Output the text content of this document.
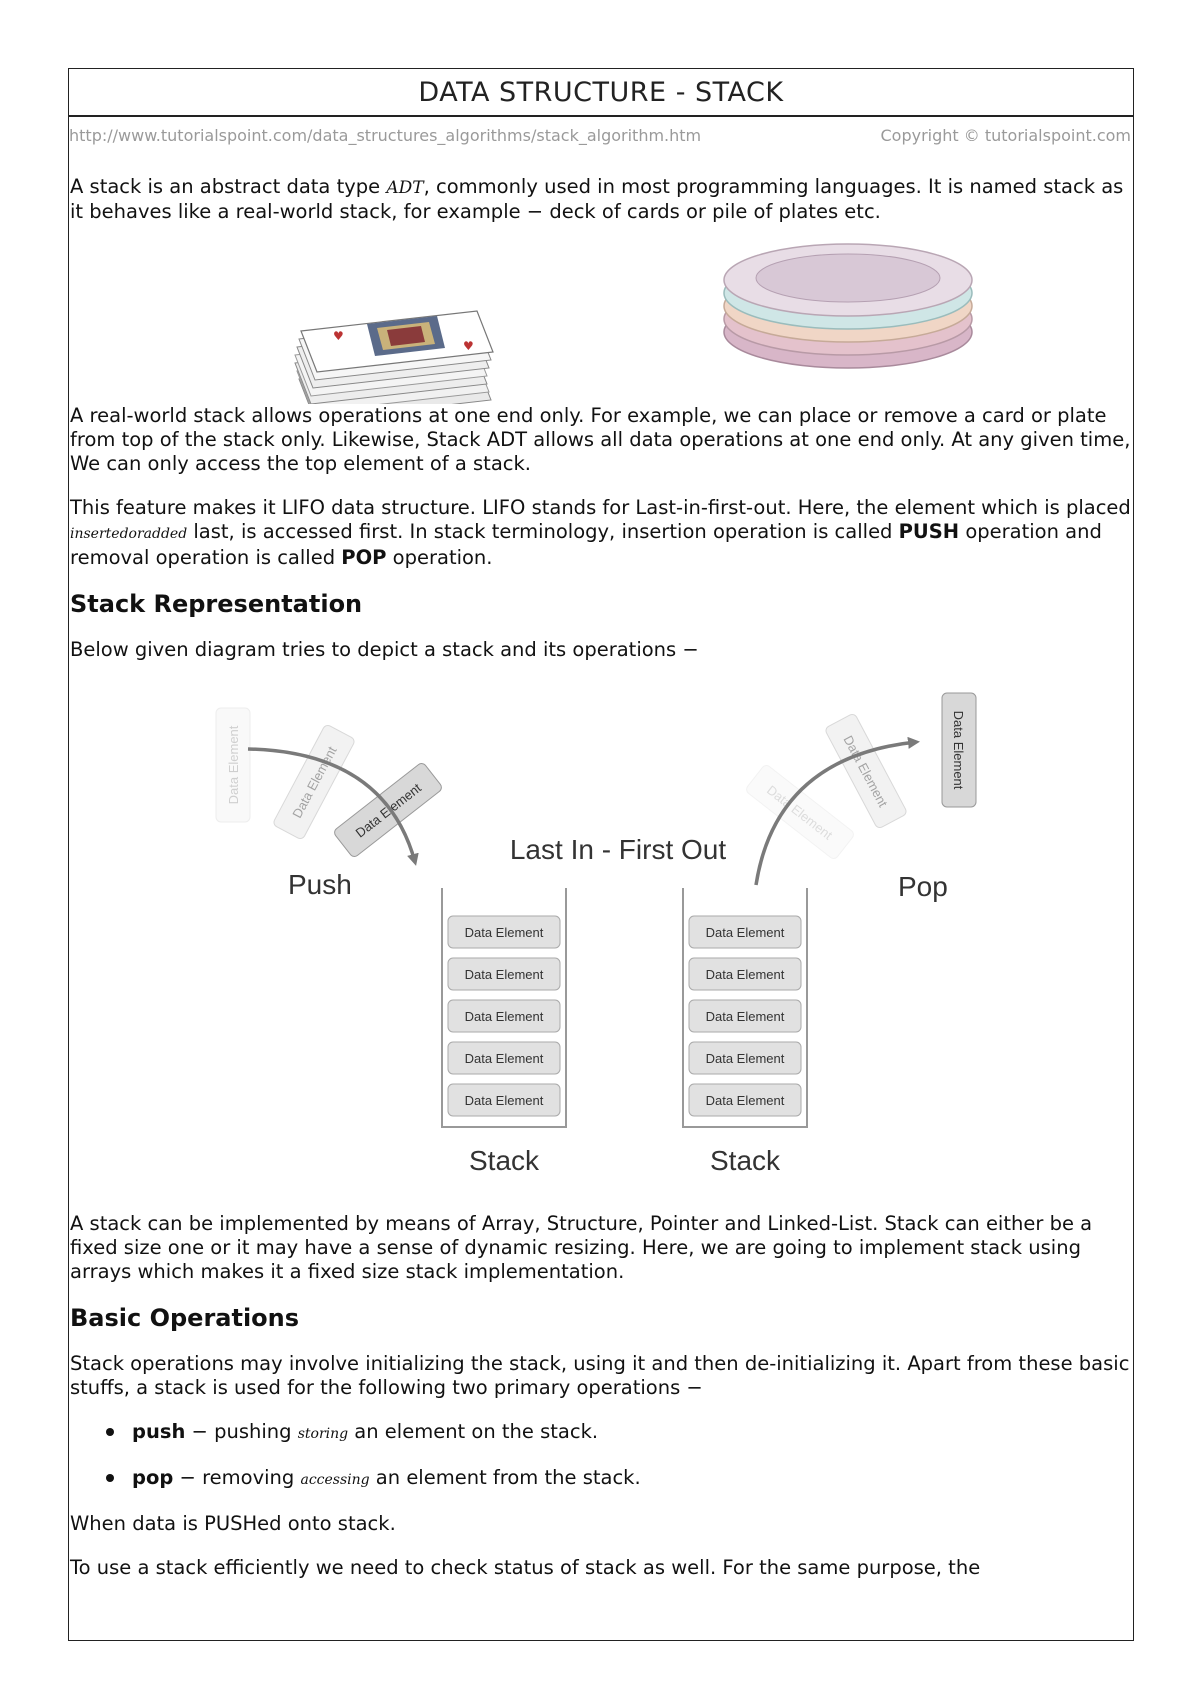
DATA STRUCTURE - STACK
http://www.tutorialspoint.com/data_structures_algorithms/stack_algorithm.htm	Copyright © tutorialspoint.com

A stack is an abstract data type ADT, commonly used in most programming languages. It is named stack as it behaves like a real-world stack, for example − deck of cards or pile of plates etc.

♥
♥

A real-world stack allows operations at one end only. For example, we can place or remove a card or plate from top of the stack only. Likewise, Stack ADT allows all data operations at one end only. At any given time, We can only access the top element of a stack.

This feature makes it LIFO data structure. LIFO stands for Last-in-first-out. Here, the element which is placed insertedoradded last, is accessed first. In stack terminology, insertion operation is called PUSH operation and removal operation is called POP operation.

Stack Representation

Below given diagram tries to depict a stack and its operations −

Data Element	Data Element Data Element	Data Element
Data Element	Data Element
Push	Pop
Last In - First Out
Data Element
Data Element
Data Element
Data Element
Data Element
Stack
Data Element
Data Element
Data Element
Data Element
Data Element
Stack

A stack can be implemented by means of Array, Structure, Pointer and Linked-List. Stack can either be a fixed size one or it may have a sense of dynamic resizing. Here, we are going to implement stack using arrays which makes it a fixed size stack implementation.

Basic Operations

Stack operations may involve initializing the stack, using it and then de-initializing it. Apart from these basic stuffs, a stack is used for the following two primary operations −

push − pushing storing an element on the stack.
pop − removing accessing an element from the stack.

When data is PUSHed onto stack.

To use a stack efficiently we need to check status of stack as well. For the same purpose, the
